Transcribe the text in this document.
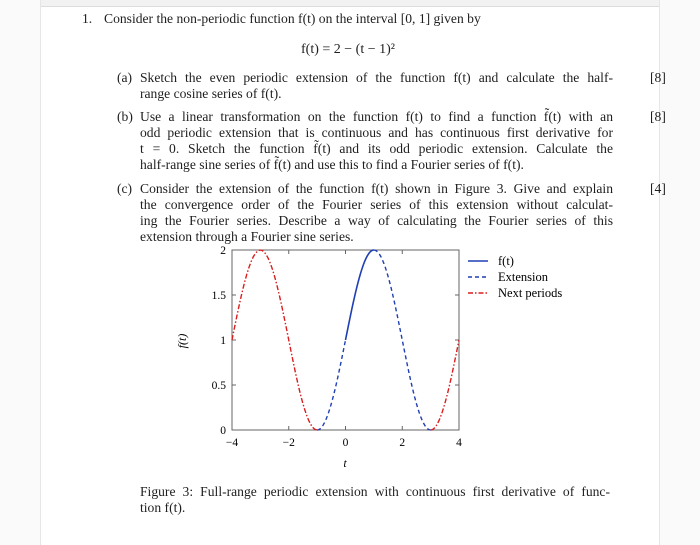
1. Consider the non-periodic function f(t) on the interval [0, 1] given by
f(t) = 2 − (t − 1)²
(a) Sketch the even periodic extension of the function f(t) and calculate the half-
range cosine series of f(t).
[8]
(b) Use a linear transformation on the function f(t) to find a function f̃(t) with an
odd periodic extension that is continuous and has continuous first derivative for
t = 0. Sketch the function f̃(t) and its odd periodic extension. Calculate the
half-range sine series of f̃(t) and use this to find a Fourier series of f(t).
[8]
(c) Consider the extension of the function f(t) shown in Figure 3. Give and explain
the convergence order of the Fourier series of this extension without calculat-
ing the Fourier series. Describe a way of calculating the Fourier series of this
extension through a Fourier sine series.
[4]
−4	−2	0	2	4
0
0.5
1
1.5
2
f(t)
Extension
Next periods
f(t)
t
Figure 3: Full-range periodic extension with continuous first derivative of func-
tion f(t).
